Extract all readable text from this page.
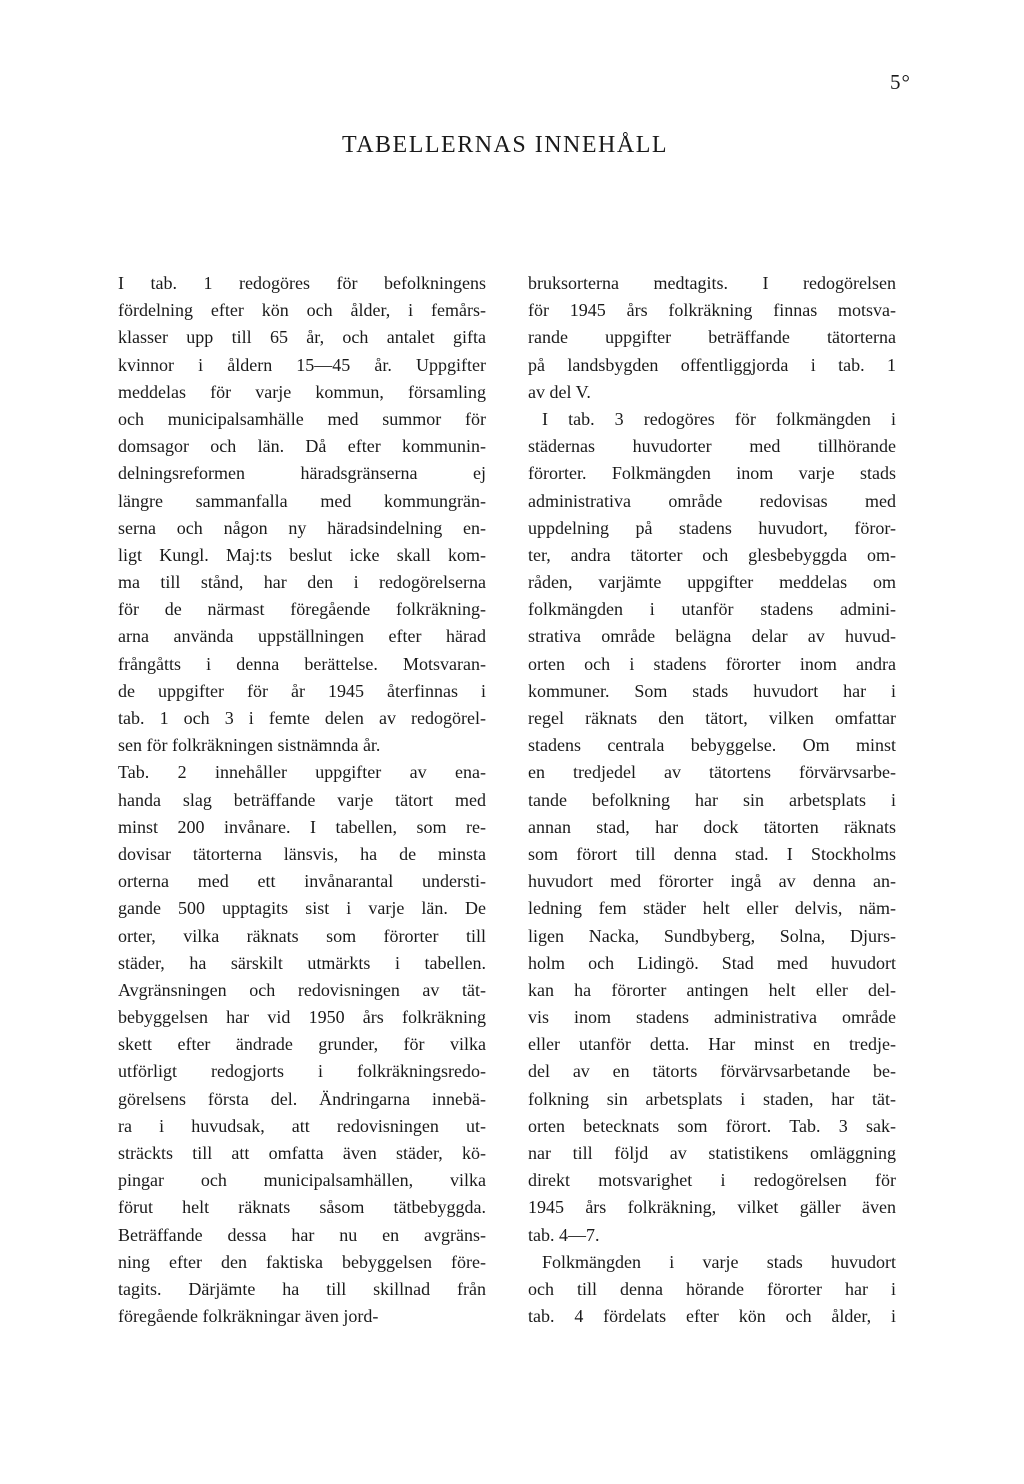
5°
TABELLERNAS INNEHÅLL
I tab. 1 redogöres för befolkningens
fördelning efter kön och ålder, i femårs-
klasser upp till 65 år, och antalet gifta
kvinnor i åldern 15—45 år. Uppgifter
meddelas för varje kommun, församling
och municipalsamhälle med summor för
domsagor och län. Då efter kommunin-
delningsreformen häradsgränserna ej
längre sammanfalla med kommungrän-
serna och någon ny häradsindelning en-
ligt Kungl. Maj:ts beslut icke skall kom-
ma till stånd, har den i redogörelserna
för de närmast föregående folkräkning-
arna använda uppställningen efter härad
frångåtts i denna berättelse. Motsvaran-
de uppgifter för år 1945 återfinnas i
tab. 1 och 3 i femte delen av redogörel-
sen för folkräkningen sistnämnda år.
Tab. 2 innehåller uppgifter av ena-
handa slag beträffande varje tätort med
minst 200 invånare. I tabellen, som re-
dovisar tätorterna länsvis, ha de minsta
orterna med ett invånarantal understi-
gande 500 upptagits sist i varje län. De
orter, vilka räknats som förorter till
städer, ha särskilt utmärkts i tabellen.
Avgränsningen och redovisningen av tät-
bebyggelsen har vid 1950 års folkräkning
skett efter ändrade grunder, för vilka
utförligt redogjorts i folkräkningsredo-
görelsens första del. Ändringarna innebä-
ra i huvudsak, att redovisningen ut-
sträckts till att omfatta även städer, kö-
pingar och municipalsamhällen, vilka
förut helt räknats såsom tätbebyggda.
Beträffande dessa har nu en avgräns-
ning efter den faktiska bebyggelsen före-
tagits. Därjämte ha till skillnad från
föregående folkräkningar även jord-
bruksorterna medtagits. I redogörelsen
för 1945 års folkräkning finnas motsva-
rande uppgifter beträffande tätorterna
på landsbygden offentliggjorda i tab. 1
av del V.
I tab. 3 redogöres för folkmängden i
städernas huvudorter med tillhörande
förorter. Folkmängden inom varje stads
administrativa område redovisas med
uppdelning på stadens huvudort, föror-
ter, andra tätorter och glesbebyggda om-
råden, varjämte uppgifter meddelas om
folkmängden i utanför stadens admini-
strativa område belägna delar av huvud-
orten och i stadens förorter inom andra
kommuner. Som stads huvudort har i
regel räknats den tätort, vilken omfattar
stadens centrala bebyggelse. Om minst
en tredjedel av tätortens förvärvsarbe-
tande befolkning har sin arbetsplats i
annan stad, har dock tätorten räknats
som förort till denna stad. I Stockholms
huvudort med förorter ingå av denna an-
ledning fem städer helt eller delvis, näm-
ligen Nacka, Sundbyberg, Solna, Djurs-
holm och Lidingö. Stad med huvudort
kan ha förorter antingen helt eller del-
vis inom stadens administrativa område
eller utanför detta. Har minst en tredje-
del av en tätorts förvärvsarbetande be-
folkning sin arbetsplats i staden, har tät-
orten betecknats som förort. Tab. 3 sak-
nar till följd av statistikens omläggning
direkt motsvarighet i redogörelsen för
1945 års folkräkning, vilket gäller även
tab. 4—7.
Folkmängden i varje stads huvudort
och till denna hörande förorter har i
tab. 4 fördelats efter kön och ålder, i
